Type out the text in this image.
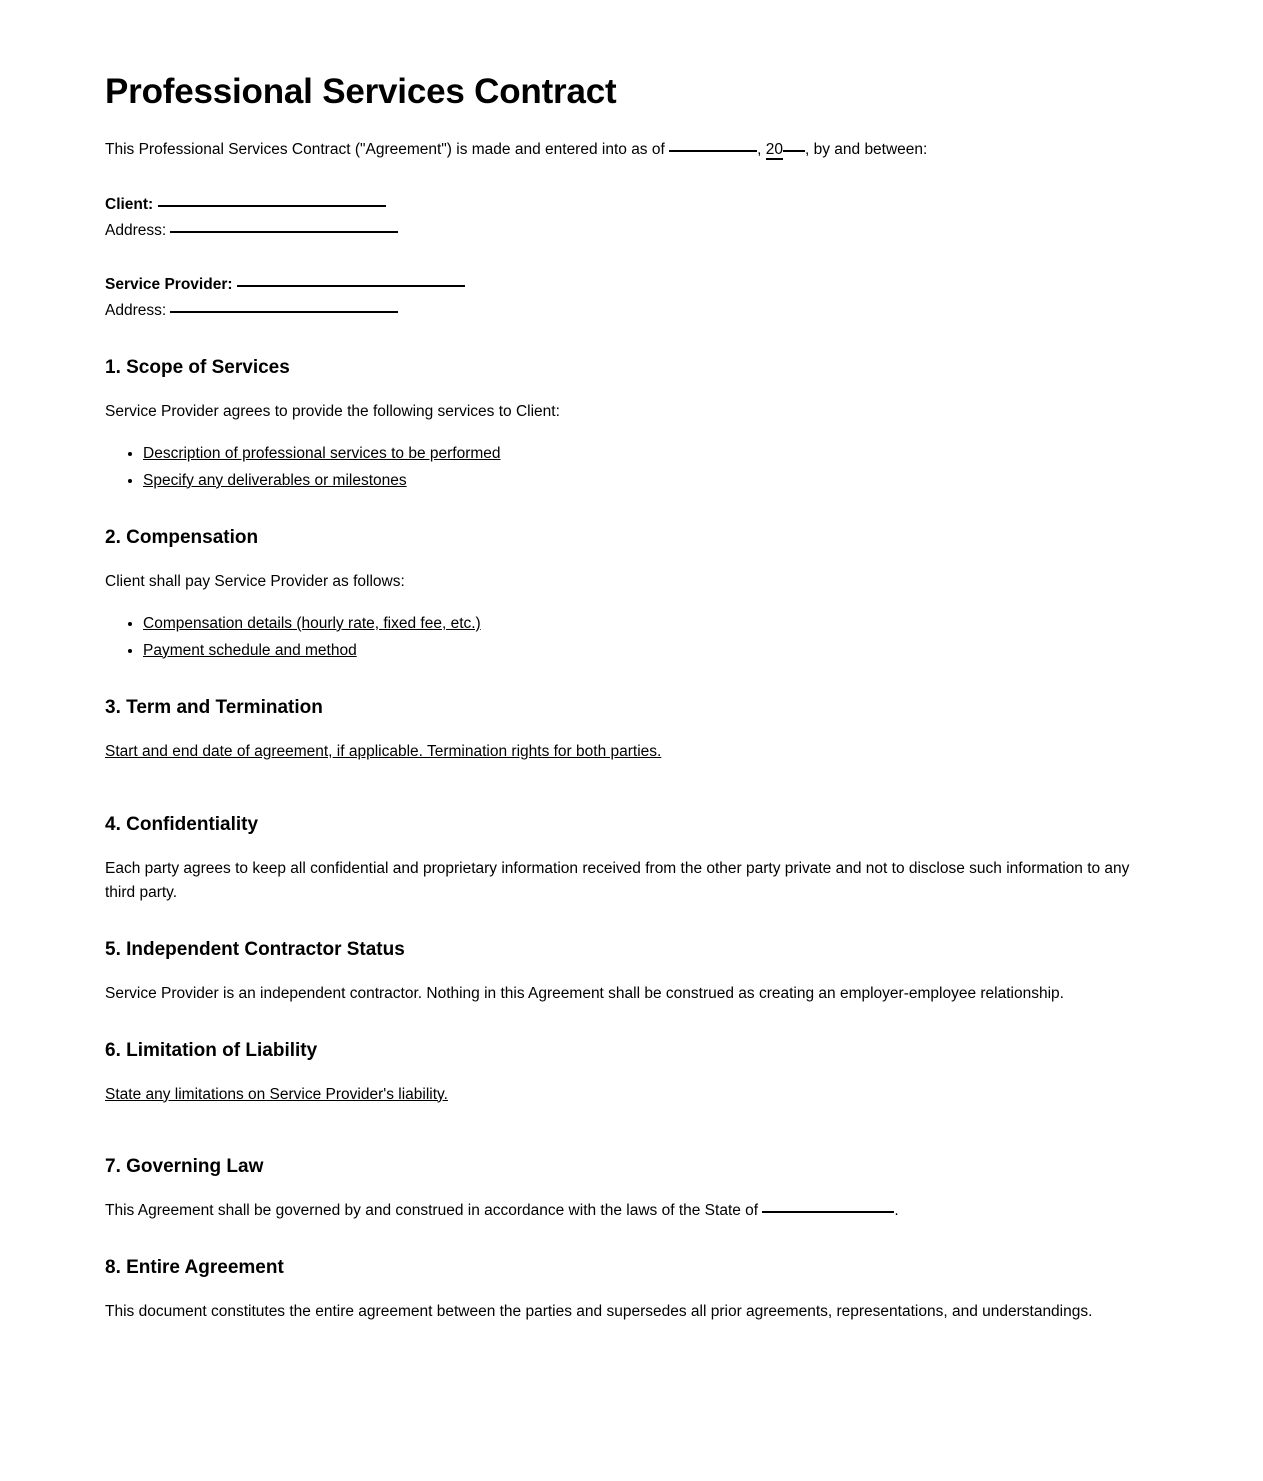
Professional Services Contract

This Professional Services Contract ("Agreement") is made and entered into as of	, 20 , by and between:

Client:
Address:
Service Provider:
Address:
1. Scope of Services

Service Provider agrees to provide the following services to Client:

• Description of professional services to be performed
• Specify any deliverables or milestones
2. Compensation

Client shall pay Service Provider as follows:

• Compensation details (hourly rate, fixed fee, etc.)
• Payment schedule and method
3. Term and Termination

Start and end date of agreement, if applicable. Termination rights for both parties.

4. Confidentiality

Each party agrees to keep all confidential and proprietary information received from the other party private and not to disclose such information to any third party.

5. Independent Contractor Status

Service Provider is an independent contractor. Nothing in this Agreement shall be construed as creating an employer-employee relationship.

6. Limitation of Liability

State any limitations on Service Provider's liability.

7. Governing Law

This Agreement shall be governed by and construed in accordance with the laws of the State of	.

8. Entire Agreement

This document constitutes the entire agreement between the parties and supersedes all prior agreements, representations, and understandings.
